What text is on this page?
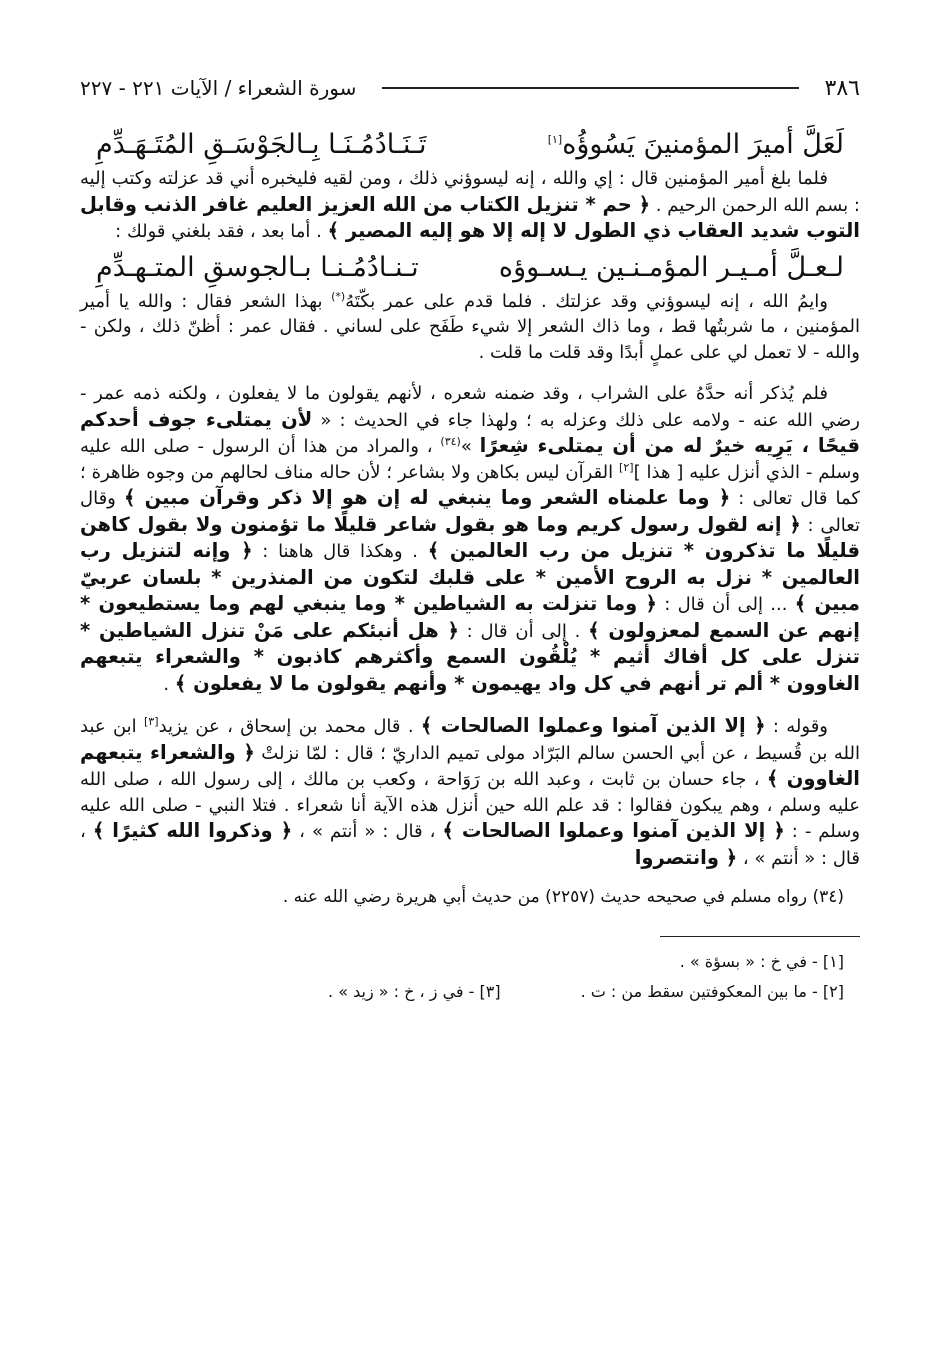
٣٨٦
سورة الشعراء / الآيات ٢٢١ - ٢٢٧
لَعَلَّ أميرَ المؤمنينَ يَسُوؤُه[١]
تَـنَـادُمُـنَـا بِـالجَوْسَـقِ المُتَـهَـدِّمِ

فلما بلغ أمير المؤمنين قال : إي والله ، إنه ليسوؤني ذلك ، ومن لقيه فليخبره أني قد عزلته وكتب إليه : بسم الله الرحمن الرحيم . ﴿ حم * تنزيل الكتاب من الله العزيز العليم غافر الذنب وقابل التوب شديد العقاب ذي الطول لا إله إلا هو إليه المصير ﴾ . أما بعد ، فقد بلغني قولك :

لـعـلَّ أمـيـر المؤمـنـين يـسـوؤه
تـنـادُمُـنـا بـالجوسقِ المتـهـدِّمِ

وايمُ الله ، إنه ليسوؤني وقد عزلتك . فلما قدم على عمر بكّتَهُ(*) بهذا الشعر فقال : والله يا أمير المؤمنين ، ما شربتُها قط ، وما ذاك الشعر إلا شيء طَفَح على لساني . فقال عمر : أظنّ ذلك ، ولكن - والله - لا تعمل لي على عملٍ أبدًا وقد قلت ما قلت .

فلم يُذكر أنه حدَّهُ على الشراب ، وقد ضمنه شعره ، لأنهم يقولون ما لا يفعلون ، ولكنه ذمه عمر - رضي الله عنه - ولامه على ذلك وعزله به ؛ ولهذا جاء في الحديث : « لأن يمتلىء جوف أحدكم قيحًا ، يَرِيه خيرٌ له من أن يمتلىء شِعرًا »$^{(٣٤)}$ ، والمراد من هذا أن الرسول - صلى الله عليه وسلم - الذي أنزل عليه [ هذا ][٢] القرآن ليس بكاهن ولا بشاعر ؛ لأن حاله مناف لحالهم من وجوه ظاهرة ؛ كما قال تعالى : ﴿ وما علمناه الشعر وما ينبغي له إن هو إلا ذكر وقرآن مبين ﴾ وقال تعالى : ﴿ إنه لقول رسول كريم وما هو بقول شاعر قليلًا ما تؤمنون ولا بقول كاهن قليلًا ما تذكرون * تنزيل من رب العالمين ﴾ . وهكذا قال هاهنا : ﴿ وإنه لتنزيل رب العالمين * نزل به الروح الأمين * على قلبك لتكون من المنذرين * بلسان عربيّ مبين ﴾ ... إلى أن قال : ﴿ وما تنزلت به الشياطين * وما ينبغي لهم وما يستطيعون * إنهم عن السمع لمعزولون ﴾ . إلى أن قال : ﴿ هل أنبئكم على مَنْ تنزل الشياطين * تنزل على كل أفاك أثيم * يُلْقُون السمع وأكثرهم كاذبون * والشعراء يتبعهم الغاوون * ألم تر أنهم في كل واد يهيمون * وأنهم يقولون ما لا يفعلون ﴾ .

وقوله : ﴿ إلا الذين آمنوا وعملوا الصالحات ﴾ . قال محمد بن إسحاق ، عن يزيد[٣] ابن عبد الله بن قُسيط ، عن أبي الحسن سالم البَرّاد مولى تميم الداريّ ؛ قال : لمّا نزلتْ ﴿ والشعراء يتبعهم الغاوون ﴾ ، جاء حسان بن ثابت ، وعبد الله بن رَوَاحة ، وكعب بن مالك ، إلى رسول الله ، صلى الله عليه وسلم ، وهم يبكون فقالوا : قد علم الله حين أنزل هذه الآية أنا شعراء . فتلا النبي - صلى الله عليه وسلم - : ﴿ إلا الذين آمنوا وعملوا الصالحات ﴾ ، قال : « أنتم » ، ﴿ وذكروا الله كثيرًا ﴾ ، قال : « أنتم » ، ﴿ وانتصروا

(٣٤) رواه مسلم في صحيحه حديث (٢٢٥٧) من حديث أبي هريرة رضي الله عنه .
[١] - في خ : « بسؤة » .
[٢] - ما بين المعكوفتين سقط من : ت .
[٣] - في ز ، خ : « زيد » .
